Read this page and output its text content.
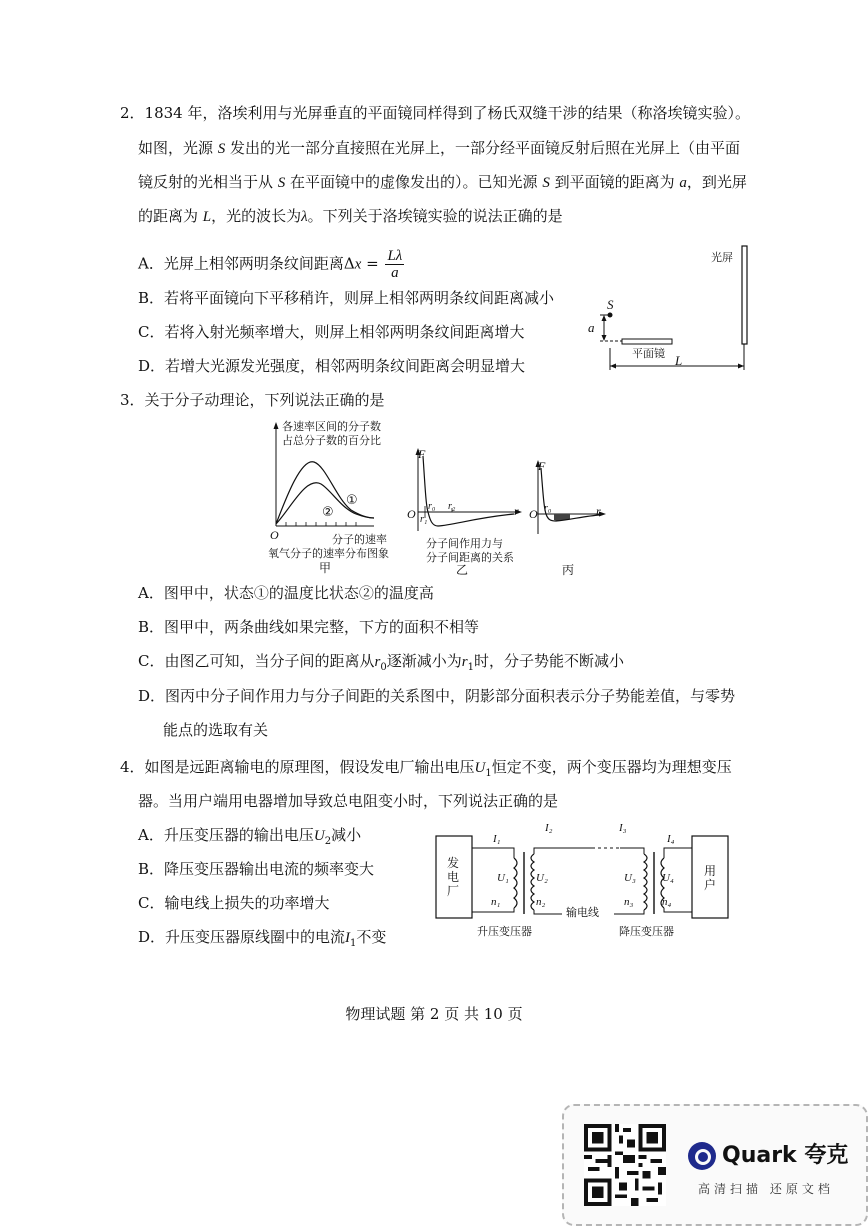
2．1834 年，洛埃利用与光屏垂直的平面镜同样得到了杨氏双缝干涉的结果（称洛埃镜实验）。
如图，光源 S 发出的光一部分直接照在光屏上，一部分经平面镜反射后照在光屏上（由平面
镜反射的光相当于从 S 在平面镜中的虚像发出的）。已知光源 S 到平面镜的距离为 a，到光屏
的距离为 L，光的波长为λ。下列关于洛埃镜实验的说法正确的是
A．光屏上相邻两明条纹间距离$\Delta x = \frac{L\lambda}{a}$
B．若将平面镜向下平移稍许，则屏上相邻两明条纹间距离减小
C．若将入射光频率增大，则屏上相邻两明条纹间距离增大
D．若增大光源发光强度，相邻两明条纹间距离会明显增大
光屏
S
a
平面镜 L
3．关于分子动理论，下列说法正确的是
各速率区间的分子数
占总分子数的百分比
①
②
O	分子的速率
氧气分子的速率分布图象
甲
F
O r₁
r₀ r₂	r
分子间作用力与
分子间距离的关系
乙
F
O r₀	r
丙
A．图甲中，状态①的温度比状态②的温度高
B．图甲中，两条曲线如果完整，下方的面积不相等
C．由图乙可知，当分子间的距离从$r_0$逐渐减小为$r_1$时，分子势能不断减小
D．图丙中分子间作用力与分子间距的关系图中，阴影部分面积表示分子势能差值，与零势
能点的选取有关
4．如图是远距离输电的原理图，假设发电厂输出电压$U_1$恒定不变，两个变压器均为理想变压
器。当用户端用电器增加导致总电阻变小时，下列说法正确的是
A．升压变压器的输出电压$U_2$减小
B．降压变压器输出电流的频率变大
C．输电线上损失的功率增大
D．升压变压器原线圈中的电流$I_1$不变
发电厂
用户
I₁
I₂	I₃
I₄
U₁ U₂	U₃ U₄
n₁	n₂	n₃	n₄
输电线
升压变压器	降压变压器
物理试题 第 2 页 共 10 页
Quark 夸克
高清扫描 还原文档
